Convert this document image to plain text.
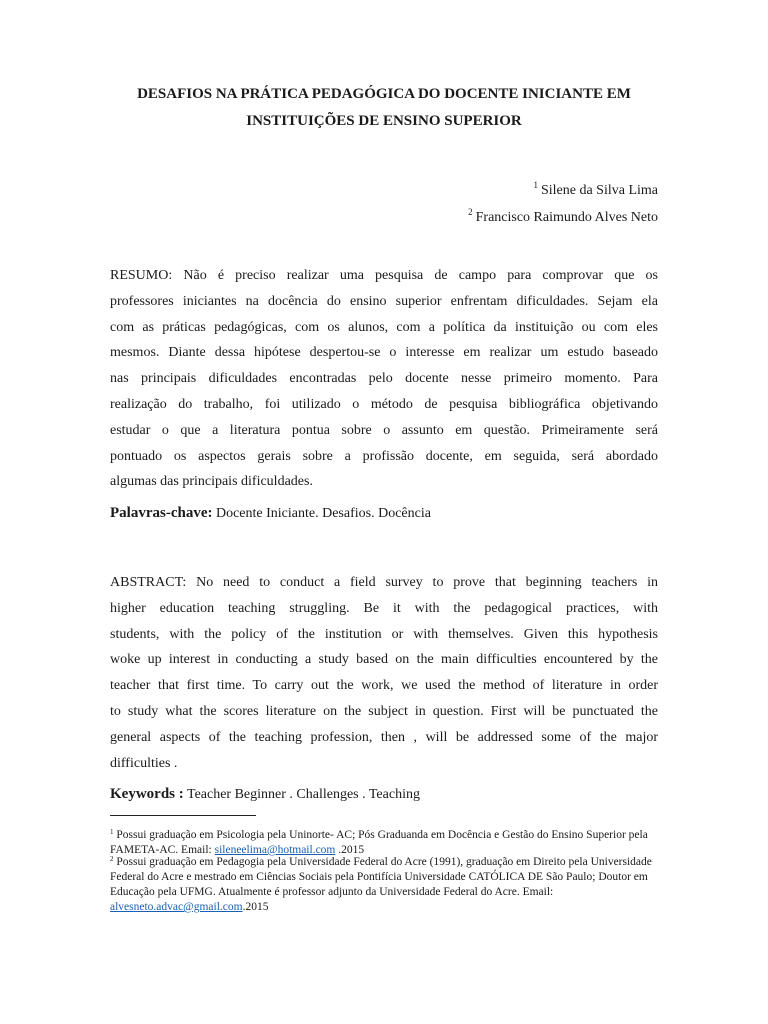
DESAFIOS NA PRÁTICA PEDAGÓGICA DO DOCENTE INICIANTE EM
INSTITUIÇÕES DE ENSINO SUPERIOR

$^1$ Silene da Silva Lima

$^2$ Francisco Raimundo Alves Neto

RESUMO: Não é preciso realizar uma pesquisa de campo para comprovar que os
professores iniciantes na docência do ensino superior enfrentam dificuldades. Sejam ela
com as práticas pedagógicas, com os alunos, com a política da instituição ou com eles
mesmos. Diante dessa hipótese despertou-se o interesse em realizar um estudo baseado
nas principais dificuldades encontradas pelo docente nesse primeiro momento. Para
realização do trabalho, foi utilizado o método de pesquisa bibliográfica objetivando
estudar o que a literatura pontua sobre o assunto em questão. Primeiramente será
pontuado os aspectos gerais sobre a profissão docente, em seguida, será abordado
algumas das principais dificuldades.

Palavras-chave: Docente Iniciante. Desafios. Docência

ABSTRACT: No need to conduct a field survey to prove that beginning teachers in
higher education teaching struggling. Be it with the pedagogical practices, with
students, with the policy of the institution or with themselves. Given this hypothesis
woke up interest in conducting a study based on the main difficulties encountered by the
teacher that first time. To carry out the work, we used the method of literature in order
to study what the scores literature on the subject in question. First will be punctuated the
general aspects of the teaching profession, then , will be addressed some of the major
difficulties .

Keywords : Teacher Beginner . Challenges . Teaching

$^1$ Possui graduação em Psicologia pela Uninorte- AC; Pós Graduanda em Docência e Gestão do Ensino Superior pela FAMETA-AC. Email: sileneelima@hotmail.com .2015

$^2$ Possui graduação em Pedagogia pela Universidade Federal do Acre (1991), graduação em Direito pela Universidade Federal do Acre e mestrado em Ciências Sociais pela Pontifícia Universidade CATÓLICA DE São Paulo; Doutor em Educação pela UFMG. Atualmente é professor adjunto da Universidade Federal do Acre. Email: alvesneto.advac@gmail.com.2015
